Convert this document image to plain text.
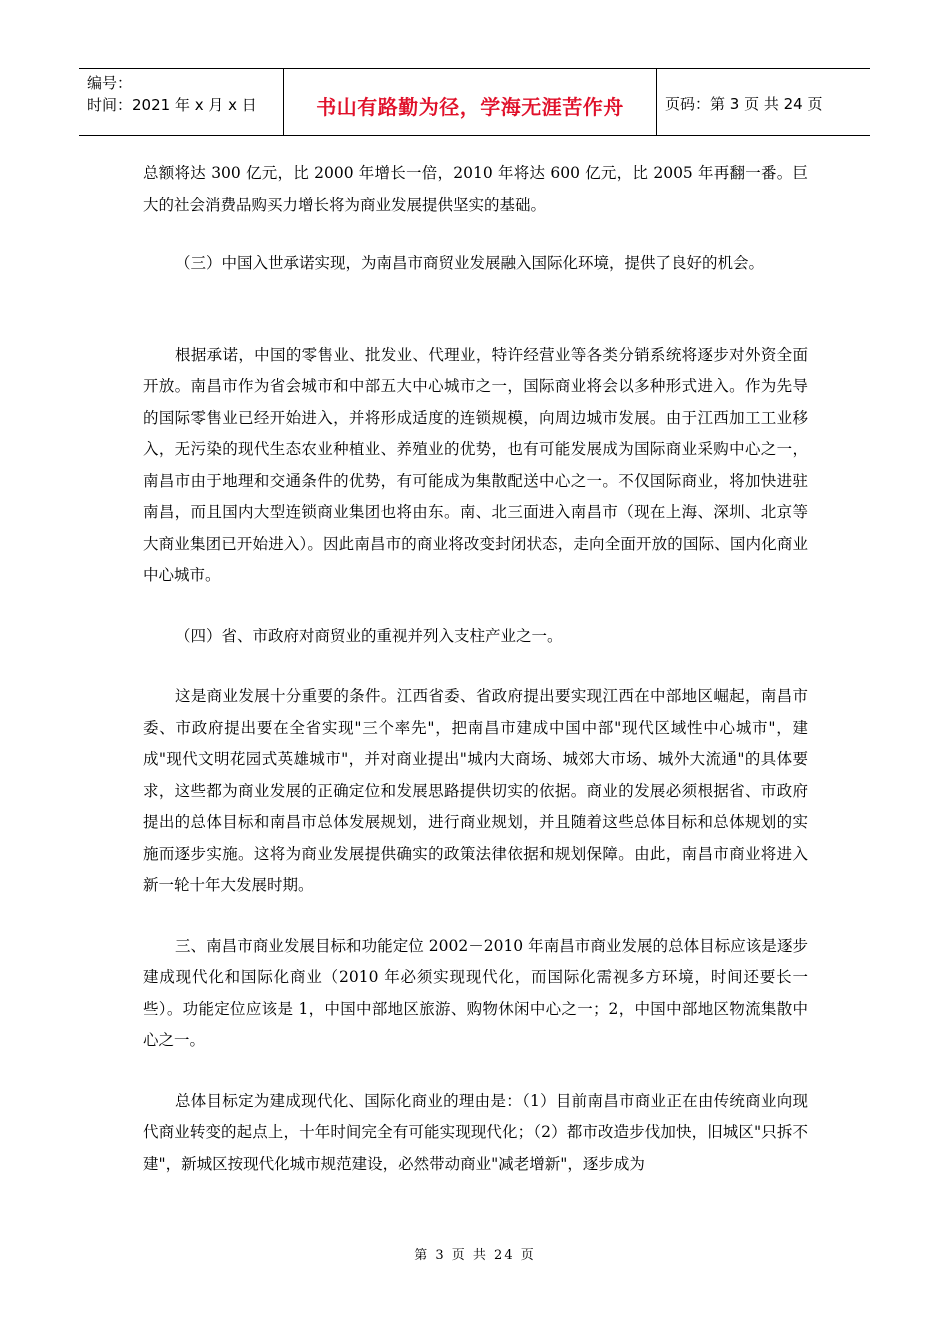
编号：
时间：2021 年 x 月 x 日	书山有路勤为径，学海无涯苦作舟	页码：第 3 页 共 24 页

总额将达 300 亿元，比 2000 年增长一倍，2010 年将达 600 亿元，比 2005 年再翻一番。巨大的社会消费品购买力增长将为商业发展提供坚实的基础。

（三）中国入世承诺实现，为南昌市商贸业发展融入国际化环境，提供了良好的机会。

根据承诺，中国的零售业、批发业、代理业，特许经营业等各类分销系统将逐步对外资全面开放。南昌市作为省会城市和中部五大中心城市之一，国际商业将会以多种形式进入。作为先导的国际零售业已经开始进入，并将形成适度的连锁规模，向周边城市发展。由于江西加工工业移入，无污染的现代生态农业种植业、养殖业的优势，也有可能发展成为国际商业采购中心之一，南昌市由于地理和交通条件的优势，有可能成为集散配送中心之一。不仅国际商业，将加快进驻南昌，而且国内大型连锁商业集团也将由东。南、北三面进入南昌市（现在上海、深圳、北京等大商业集团已开始进入）。因此南昌市的商业将改变封闭状态，走向全面开放的国际、国内化商业中心城市。

（四）省、市政府对商贸业的重视并列入支柱产业之一。

这是商业发展十分重要的条件。江西省委、省政府提出要实现江西在中部地区崛起，南昌市委、市政府提出要在全省实现"三个率先"，把南昌市建成中国中部"现代区域性中心城市"，建成"现代文明花园式英雄城市"，并对商业提出"城内大商场、城郊大市场、城外大流通"的具体要求，这些都为商业发展的正确定位和发展思路提供切实的依据。商业的发展必须根据省、市政府提出的总体目标和南昌市总体发展规划，进行商业规划，并且随着这些总体目标和总体规划的实施而逐步实施。这将为商业发展提供确实的政策法律依据和规划保障。由此，南昌市商业将进入新一轮十年大发展时期。

三、南昌市商业发展目标和功能定位 2002－2010 年南昌市商业发展的总体目标应该是逐步建成现代化和国际化商业（2010 年必须实现现代化，而国际化需视多方环境，时间还要长一些）。功能定位应该是 1，中国中部地区旅游、购物休闲中心之一；2，中国中部地区物流集散中心之一。

总体目标定为建成现代化、国际化商业的理由是：（1）目前南昌市商业正在由传统商业向现代商业转变的起点上，十年时间完全有可能实现现代化；（2）都市改造步伐加快，旧城区"只拆不建"，新城区按现代化城市规范建设，必然带动商业"减老增新"，逐步成为

第 3 页 共 24 页
